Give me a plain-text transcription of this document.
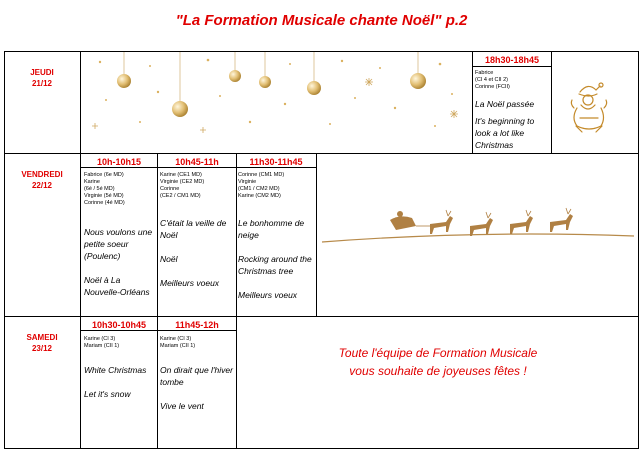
"La Formation Musicale chante Noël" p.2
JEUDI
21/12
VENDREDI
22/12
SAMEDI
23/12
18h30-18h45
Fabrice
(CI 4 et CII 2)
Corinne (FCII)
La Noël passée
It's beginning to look a lot like Christmas
10h-10h15
Fabrice (6e MD)
Karine
(6é / 5é MD)
Virginie (5é MD)
Corinne (4é MD)
Nous voulons une petite soeur (Poulenc)
Noël à La Nouvelle-Orléans
10h45-11h
Karine (CE1 MD)
Virginie (CE2 MD)
Corinne
(CE2 / CM1 MD)
C'était la veille de Noël
Noël
Meilleurs voeux
11h30-11h45
Corinne (CM1 MD)
Virginie
(CM1 / CM2 MD)
Karine (CM2 MD)
Le bonhomme de neige
Rocking around the Christmas tree
Meilleurs voeux
10h30-10h45
Karine (CI 3)
Mariam (CII 1)
White Christmas
Let it's snow
11h45-12h
Karine (CI 3)
Mariam (CII 1)
On dirait que l'hiver tombe
Vive le vent
Toute l'équipe de Formation Musicale
vous souhaite de joyeuses fêtes !
